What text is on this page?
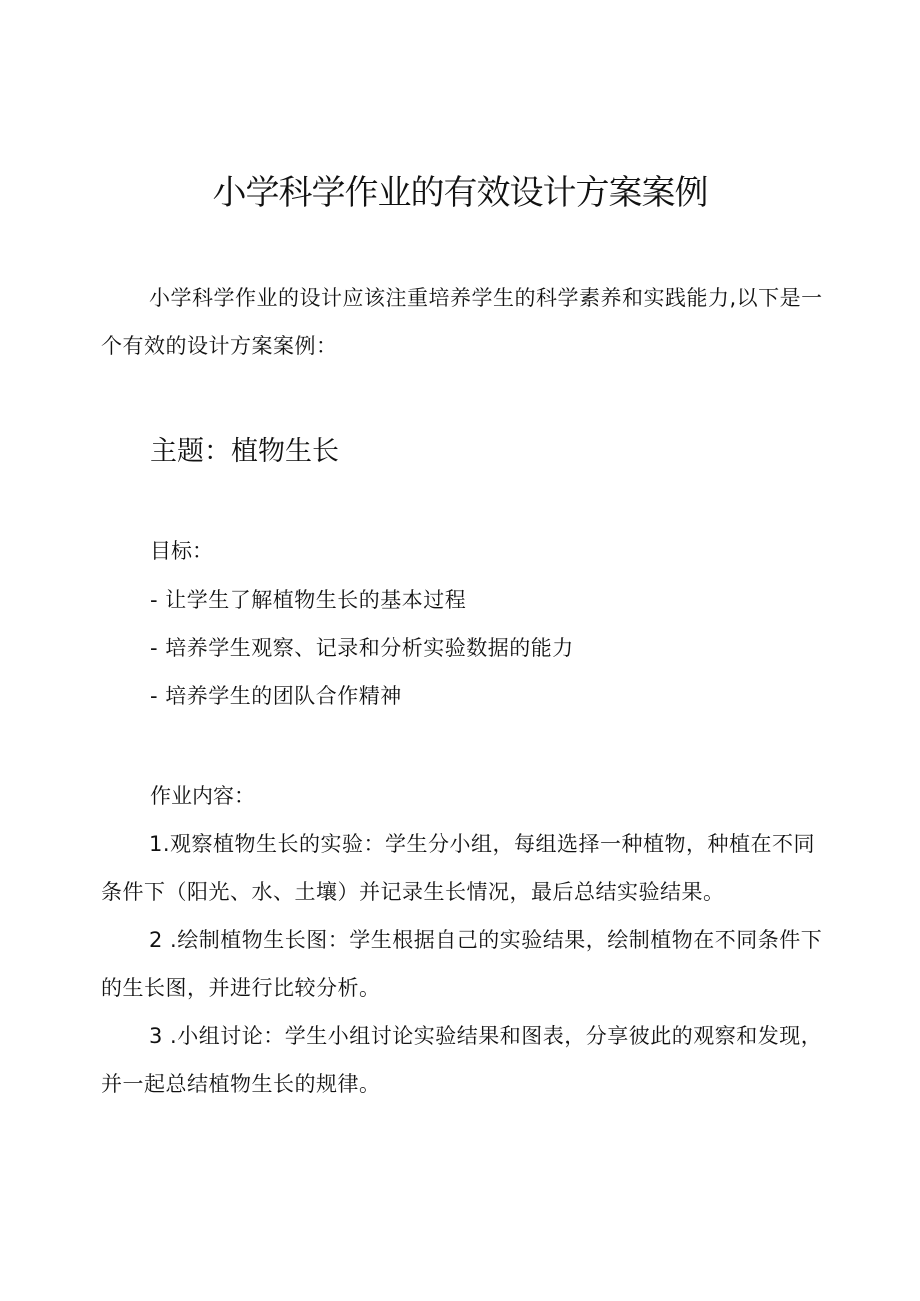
小学科学作业的有效设计方案案例
小学科学作业的设计应该注重培养学生的科学素养和实践能力,以下是一个有效的设计方案案例：
主题：植物生长
目标：
- 让学生了解植物生长的基本过程
- 培养学生观察、记录和分析实验数据的能力
- 培养学生的团队合作精神
作业内容：

1.观察植物生长的实验：学生分小组，每组选择一种植物，种植在不同条件下（阳光、水、土壤）并记录生长情况，最后总结实验结果。

2 .绘制植物生长图：学生根据自己的实验结果，绘制植物在不同条件下的生长图，并进行比较分析。

3 .小组讨论：学生小组讨论实验结果和图表，分享彼此的观察和发现，并一起总结植物生长的规律。
